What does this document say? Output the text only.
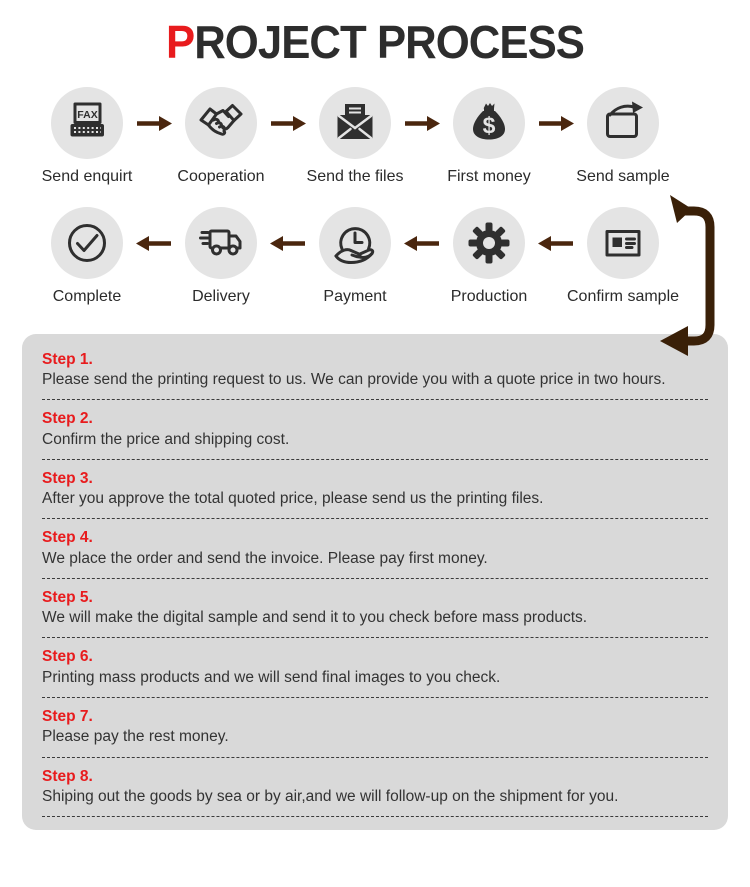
PROJECT PROCESS
FAX
Send enquirt	Cooperation	Send the files
$
First money	Send sample
Complete	Delivery	Payment	Production Confirm sample
Step 1.
Please send the printing request to us. We can provide you with a quote price in two hours.
Step 2.
Confirm the price and shipping cost.
Step 3.
After you approve the total quoted price, please send us the printing files.
Step 4.
We place the order and send the invoice. Please pay first money.
Step 5.
We will make the digital sample and send it to you check before mass products.
Step 6.
Printing mass products and we will send final images to you check.
Step 7.
Please pay the rest money.
Step 8.
Shiping out the goods by sea or by air,and we will follow-up on the shipment for you.
